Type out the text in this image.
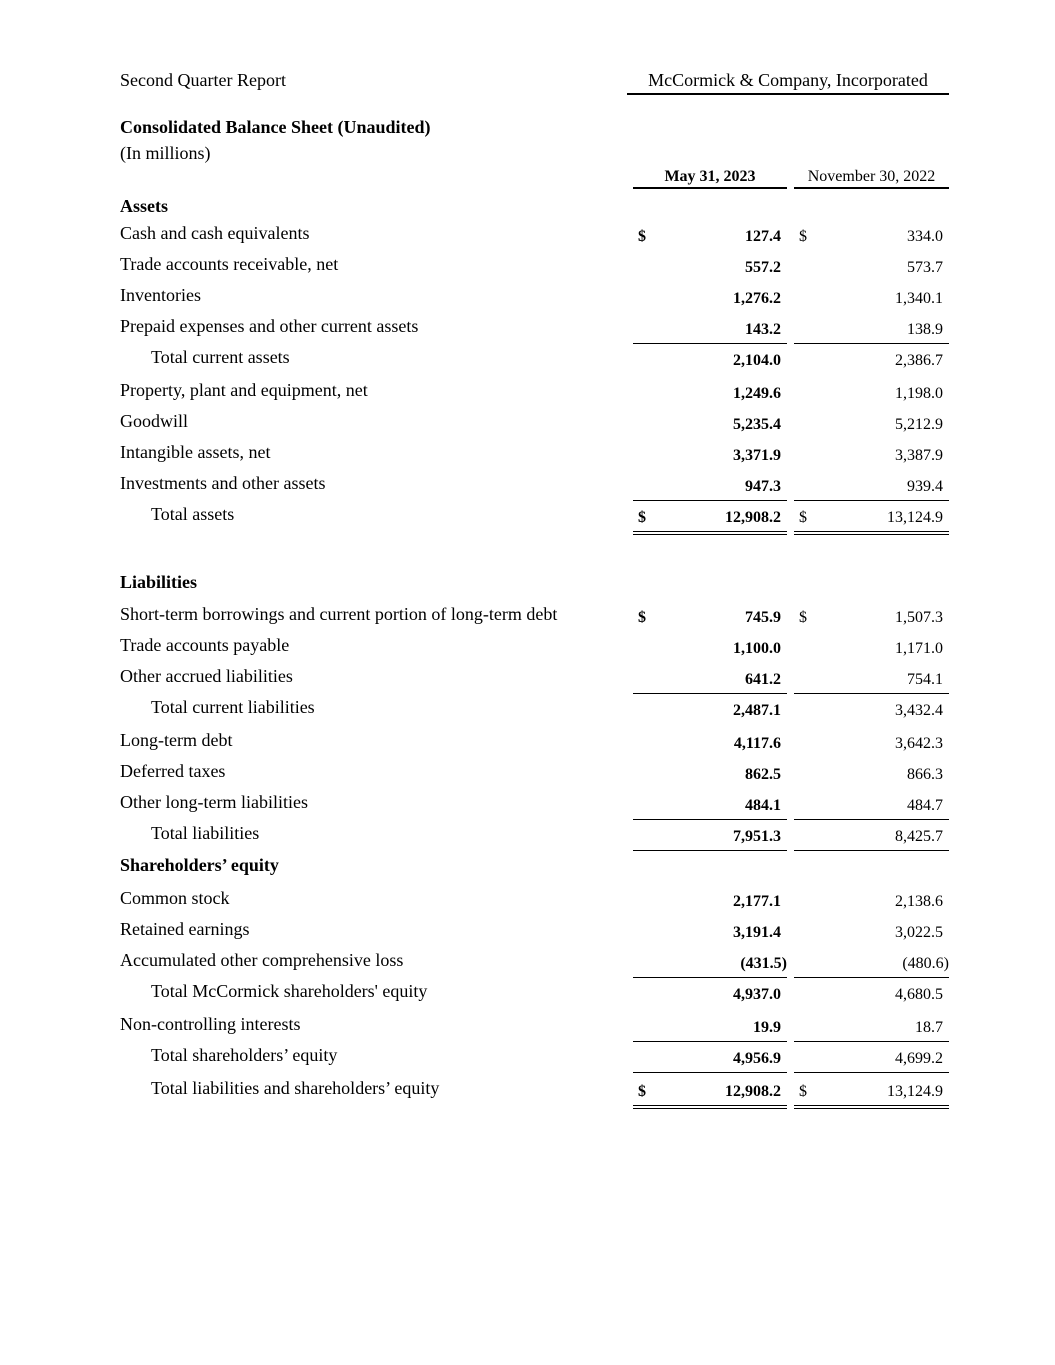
Second Quarter Report	McCormick & Company, Incorporated
Consolidated Balance Sheet (Unaudited)
(In millions)
May 31, 2023	November 30, 2022
Assets
Cash and cash equivalents	$	127.4 $	334.0
Trade accounts receivable, net	557.2	573.7
Inventories	1,276.2	1,340.1
Prepaid expenses and other current assets	143.2	138.9
Total current assets	2,104.0	2,386.7
Property, plant and equipment, net	1,249.6	1,198.0
Goodwill	5,235.4	5,212.9
Intangible assets, net	3,371.9	3,387.9
Investments and other assets	947.3	939.4
Total assets	$	12,908.2 $	13,124.9
Liabilities
Short-term borrowings and current portion of long-term debt	$	745.9 $	1,507.3
Trade accounts payable	1,100.0	1,171.0
Other accrued liabilities	641.2	754.1
Total current liabilities	2,487.1	3,432.4
Long-term debt	4,117.6	3,642.3
Deferred taxes	862.5	866.3
Other long-term liabilities	484.1	484.7
Total liabilities	7,951.3	8,425.7
Shareholders’ equity
Common stock	2,177.1	2,138.6
Retained earnings	3,191.4	3,022.5
Accumulated other comprehensive loss	(431.5)	(480.6)
Total McCormick shareholders' equity	4,937.0	4,680.5
Non-controlling interests	19.9	18.7
Total shareholders’ equity	4,956.9	4,699.2
Total liabilities and shareholders’ equity	$	12,908.2 $	13,124.9
